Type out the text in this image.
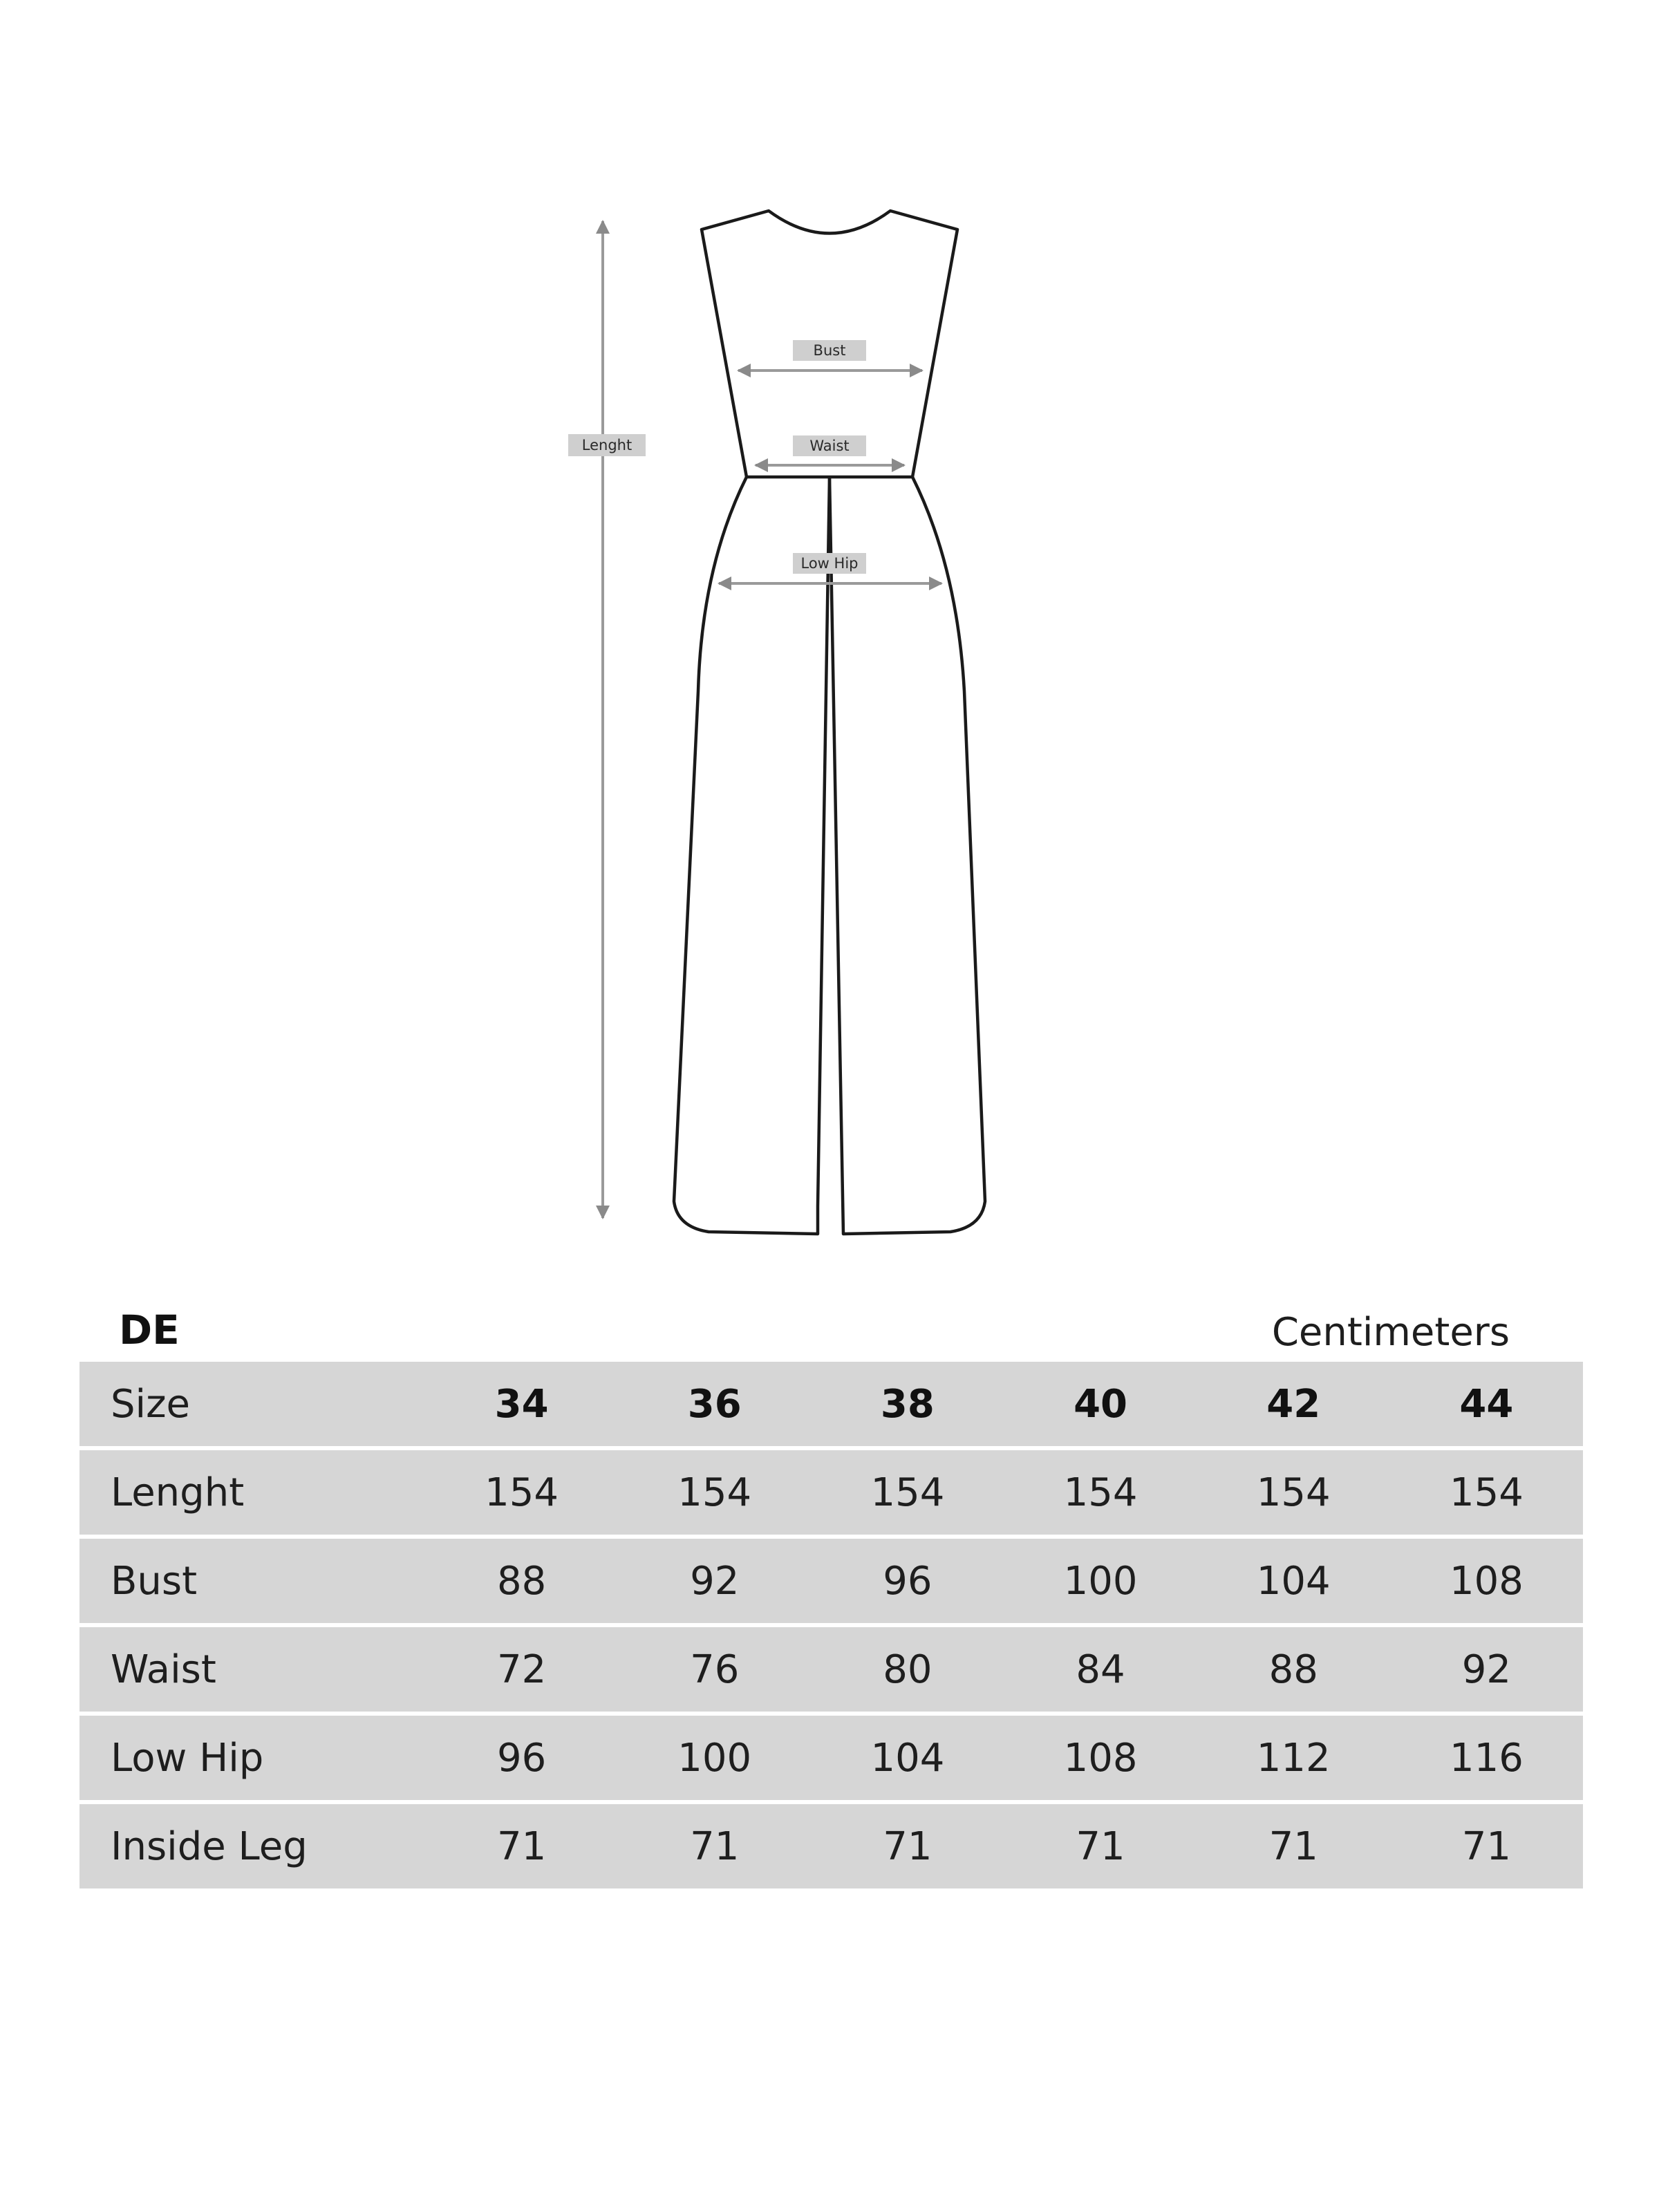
Lenght
Bust
Waist
Low Hip
DE	Centimeters
Size	34	36	38	40	42	44
Lenght	154	154	154	154	154	154
Bust	88	92	96	100	104	108
Waist	72	76	80	84	88	92
Low Hip	96	100	104	108	112	116
Inside Leg	71	71	71	71	71	71
